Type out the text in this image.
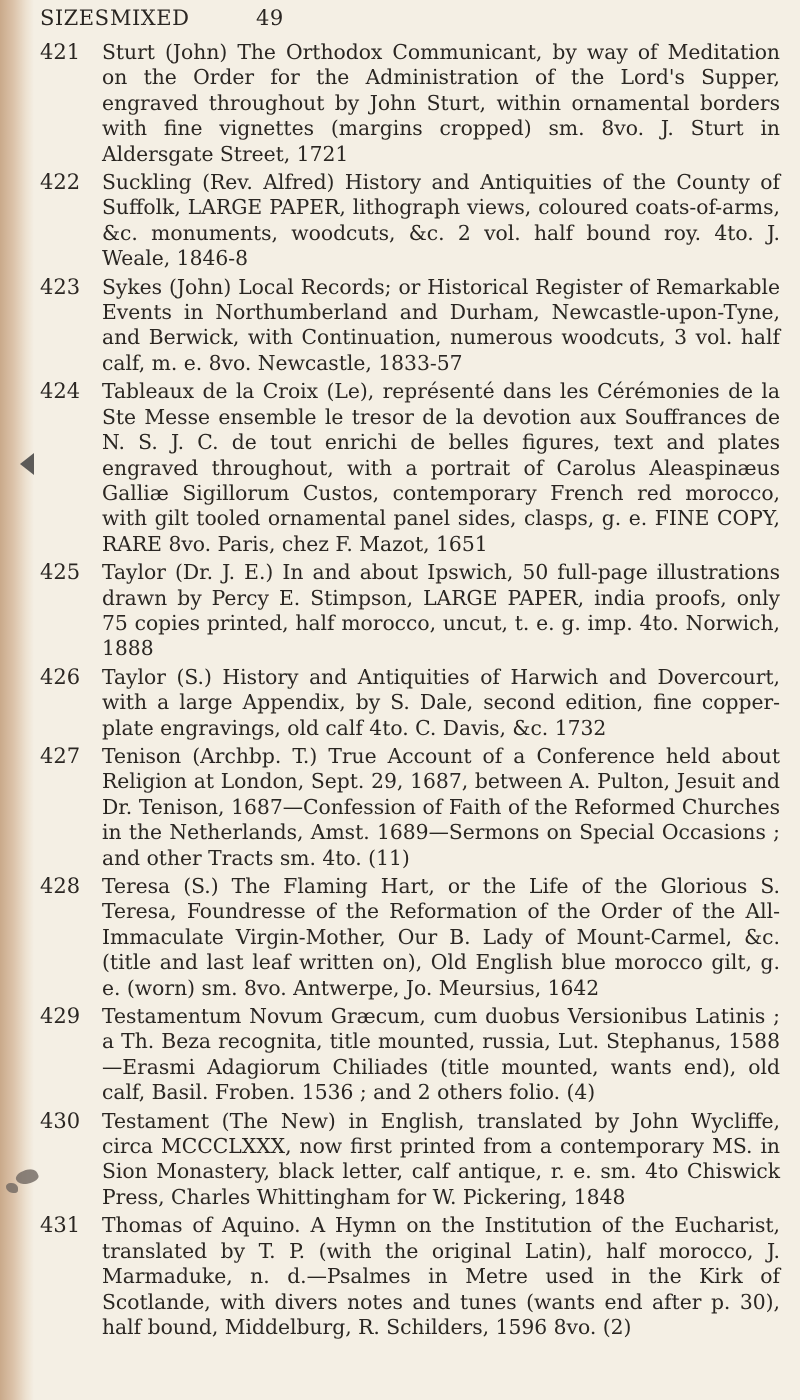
SIZES MIXED	49
421 Sturt (John) The Orthodox Communicant, by way of Meditation on the Order for the Administration of the Lord's Supper, engraved throughout by John Sturt, within ornamental borders with fine vignettes (margins cropped) sm. 8vo. J. Sturt in Aldersgate Street, 1721
422 Suckling (Rev. Alfred) History and Antiquities of the County of Suffolk, LARGE PAPER, lithograph views, coloured coats-of-arms, &c. monuments, woodcuts, &c. 2 vol. half bound roy. 4to. J. Weale, 1846-8
423 Sykes (John) Local Records; or Historical Register of Remarkable Events in Northumberland and Durham, Newcastle-upon-Tyne, and Berwick, with Continuation, numerous woodcuts, 3 vol. half calf, m. e. 8vo. Newcastle, 1833-57
424 Tableaux de la Croix (Le), représenté dans les Cérémonies de la Ste Messe ensemble le tresor de la devotion aux Souffrances de N. S. J. C. de tout enrichi de belles figures, text and plates engraved throughout, with a portrait of Carolus Aleaspinæus Galliæ Sigillorum Custos, contemporary French red morocco, with gilt tooled ornamental panel sides, clasps, g. e. FINE COPY, RARE 8vo. Paris, chez F. Mazot, 1651
425 Taylor (Dr. J. E.) In and about Ipswich, 50 full-page illustrations drawn by Percy E. Stimpson, LARGE PAPER, india proofs, only 75 copies printed, half morocco, uncut, t. e. g. imp. 4to. Norwich, 1888
426 Taylor (S.) History and Antiquities of Harwich and Dovercourt, with a large Appendix, by S. Dale, second edition, fine copper-plate engravings, old calf 4to. C. Davis, &c. 1732
427 Tenison (Archbp. T.) True Account of a Conference held about Religion at London, Sept. 29, 1687, between A. Pulton, Jesuit and Dr. Tenison, 1687—Confession of Faith of the Reformed Churches in the Netherlands, Amst. 1689—Sermons on Special Occasions ; and other Tracts sm. 4to. (11)
428 Teresa (S.) The Flaming Hart, or the Life of the Glorious S. Teresa, Foundresse of the Reformation of the Order of the All-Immaculate Virgin-Mother, Our B. Lady of Mount-Carmel, &c. (title and last leaf written on), Old English blue morocco gilt, g. e. (worn) sm. 8vo. Antwerpe, Jo. Meursius, 1642
429 Testamentum Novum Græcum, cum duobus Versionibus Latinis ; a Th. Beza recognita, title mounted, russia, Lut. Stephanus, 1588 —Erasmi Adagiorum Chiliades (title mounted, wants end), old calf, Basil. Froben. 1536 ; and 2 others folio. (4)
430 Testament (The New) in English, translated by John Wycliffe, circa MCCCLXXX, now first printed from a contemporary MS. in Sion Monastery, black letter, calf antique, r. e. sm. 4to Chiswick Press, Charles Whittingham for W. Pickering, 1848
431 Thomas of Aquino. A Hymn on the Institution of the Eucharist, translated by T. P. (with the original Latin), half morocco, J. Marmaduke, n. d.—Psalmes in Metre used in the Kirk of Scotlande, with divers notes and tunes (wants end after p. 30), half bound, Middelburg, R. Schilders, 1596 8vo. (2)
